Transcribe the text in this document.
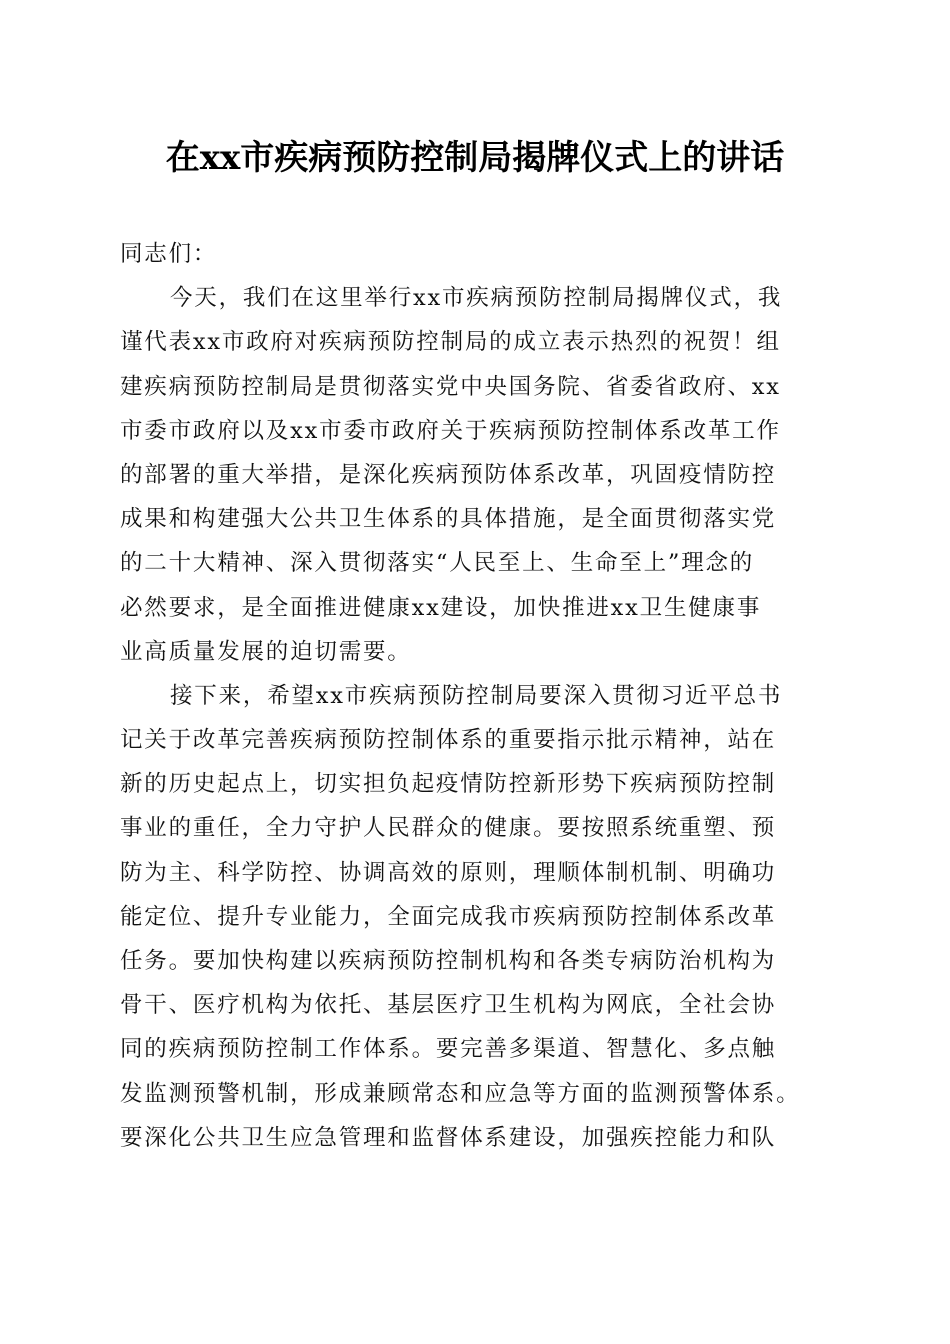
在xx市疾病预防控制局揭牌仪式上的讲话
同志们：
今天，我们在这里举行xx市疾病预防控制局揭牌仪式，我
谨代表xx市政府对疾病预防控制局的成立表示热烈的祝贺！组
建疾病预防控制局是贯彻落实党中央国务院、省委省政府、xx
市委市政府以及xx市委市政府关于疾病预防控制体系改革工作
的部署的重大举措，是深化疾病预防体系改革，巩固疫情防控
成果和构建强大公共卫生体系的具体措施，是全面贯彻落实党
的二十大精神、深入贯彻落实“人民至上、生命至上”理念的
必然要求，是全面推进健康xx建设，加快推进xx卫生健康事
业高质量发展的迫切需要。
接下来，希望xx市疾病预防控制局要深入贯彻习近平总书
记关于改革完善疾病预防控制体系的重要指示批示精神，站在
新的历史起点上，切实担负起疫情防控新形势下疾病预防控制
事业的重任，全力守护人民群众的健康。要按照系统重塑、预
防为主、科学防控、协调高效的原则，理顺体制机制、明确功
能定位、提升专业能力，全面完成我市疾病预防控制体系改革
任务。要加快构建以疾病预防控制机构和各类专病防治机构为
骨干、医疗机构为依托、基层医疗卫生机构为网底，全社会协
同的疾病预防控制工作体系。要完善多渠道、智慧化、多点触
发监测预警机制，形成兼顾常态和应急等方面的监测预警体系。
要深化公共卫生应急管理和监督体系建设，加强疾控能力和队
